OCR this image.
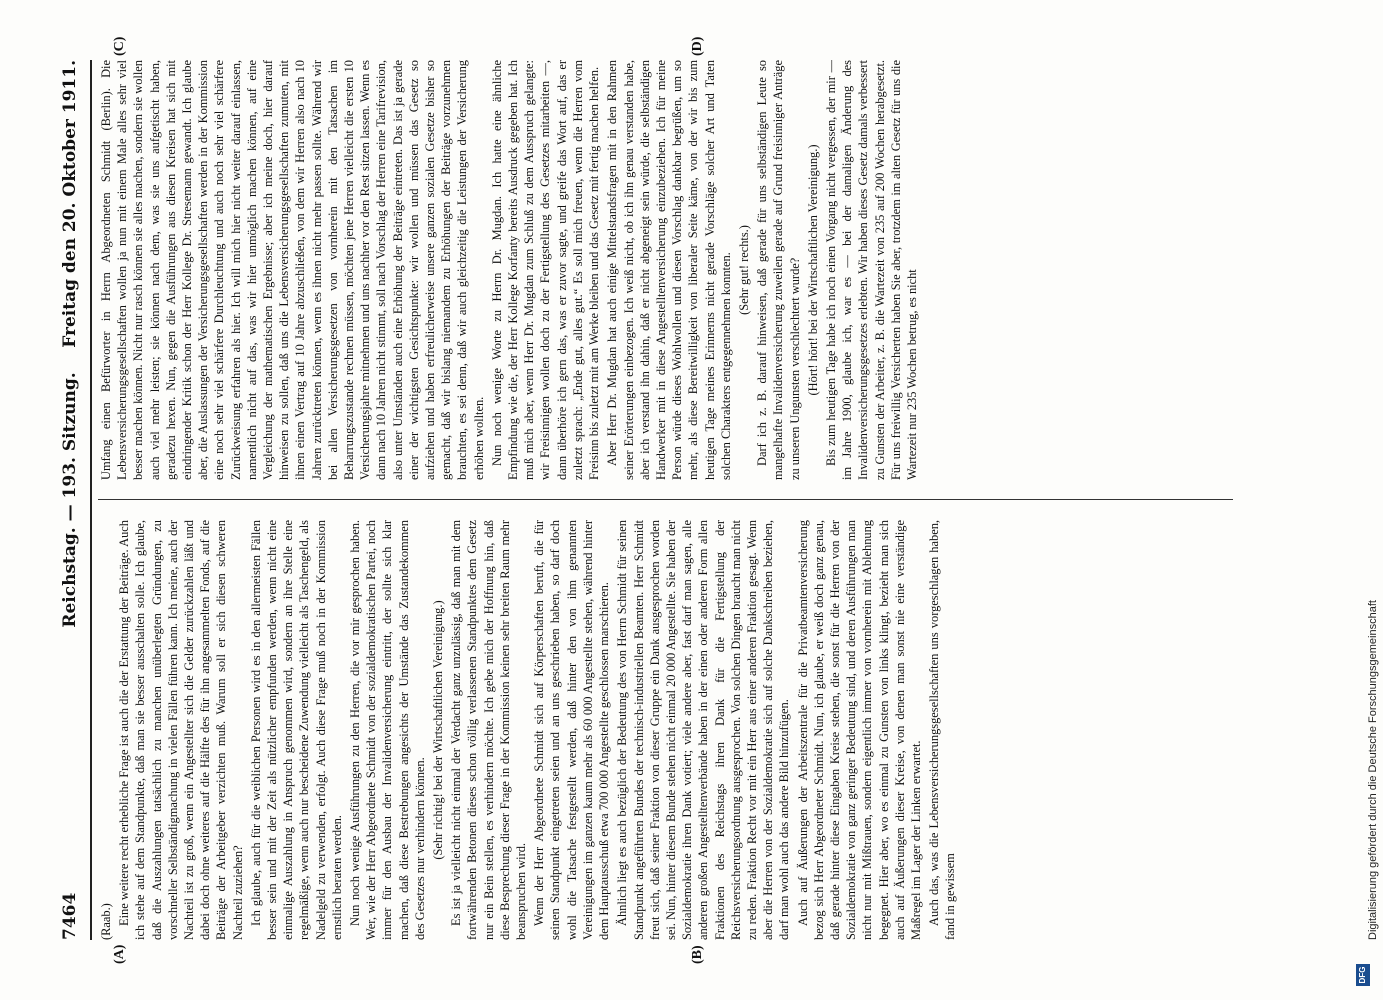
7464
Reichstag. — 193. Sitzung.
Freitag den 20. Oktober 1911.
(A)	(B)
(C)	(D)

(Raab.) Eine weitere recht erhebliche Frage ist auch die der Erstattung der Beiträge. Auch ich stehe auf dem Standpunkte, daß man sie besser ausschalten solle. Ich glaube, daß die Auszahlungen tatsächlich zu manchen unüberlegten Gründungen, zu vorschneller Selbständigmachung in vielen Fällen führen kann. Ich meine, auch der Nachteil ist zu groß, wenn ein Angestellter sich die Gelder zurückzahlen läßt und dabei doch ohne weiteres auf die Hälfte des für ihn angesammelten Fonds, auf die Beiträge der Arbeitgeber verzichten muß. Warum soll er sich diesen schweren Nachteil zuziehen? Ich glaube, auch für die weiblichen Personen wird es in den allermeisten Fällen besser sein und mit der Zeit als nützlicher empfunden werden, wenn nicht eine einmalige Auszahlung in Anspruch genommen wird, sondern an ihre Stelle eine regelmäßige, wenn auch nur bescheidene Zuwendung vielleicht als Taschengeld, als Nadelgeld zu verwenden, erfolgt. Auch diese Frage muß noch in der Kommission ernstlich beraten werden. Nun noch wenige Ausführungen zu den Herren, die vor mir gesprochen haben. Wer, wie der Herr Abgeordnete Schmidt von der sozialdemokratischen Partei, noch immer für den Ausbau der Invalidenversicherung eintritt, der sollte sich klar machen, daß diese Bestrebungen angesichts der Umstände das Zustandekommen des Gesetzes nur verhindern können. (Sehr richtig! bei der Wirtschaftlichen Vereinigung.) Es ist ja vielleicht nicht einmal der Verdacht ganz unzulässig, daß man mit dem fortwährenden Betonen dieses schon völlig verlassenen Standpunktes dem Gesetz nur ein Bein stellen, es verhindern möchte. Ich gebe mich der Hoffnung hin, daß diese Besprechung dieser Frage in der Kommission keinen sehr breiten Raum mehr beanspruchen wird. Wenn der Herr Abgeordnete Schmidt sich auf Körperschaften beruft, die für seinen Standpunkt eingetreten seien und an uns geschrieben haben, so darf doch wohl die Tatsache festgestellt werden, daß hinter den von ihm genannten Vereinigungen im ganzen kaum mehr als 60 000 Angestellte stehen, während hinter dem Hauptausschuß etwa 700 000 Angestellte geschlossen marschieren. Ähnlich liegt es auch bezüglich der Bedeutung des von Herrn Schmidt für seinen Standpunkt angeführten Bundes der technisch-industriellen Beamten. Herr Schmidt freut sich, daß seiner Fraktion von dieser Gruppe ein Dank ausgesprochen worden sei. Nun, hinter diesem Bunde stehen nicht einmal 20 000 Angestellte. Sie haben der Sozialdemokratie ihren Dank votiert; viele andere aber, fast darf man sagen, alle anderen großen Angestelltenverbände haben in der einen oder anderen Form allen Fraktionen des Reichstags ihren Dank für die Fertigstellung der Reichsversicherungsordnung ausgesprochen. Von solchen Dingen braucht man nicht zu reden. Fraktion Recht vor mit ein Herr aus einer anderen Fraktion gesagt. Wenn aber die Herren von der Sozialdemokratie sich auf solche Dankschreiben beziehen, darf man wohl auch das andere Bild hinzufügen. Auch auf Äußerungen der Arbeitszentrale für die Privatbeamtenversicherung bezog sich Herr Abgeordneter Schmidt. Nun, ich glaube, er weiß doch ganz genau, daß gerade hinter diese Eingaben Kreise stehen, die sonst für die Herren von der Sozialdemokratie von ganz geringer Bedeutung sind, und deren Ausführungen man nicht nur mit Mißtrauen, sondern eigentlich immer von vornherein mit Ablehnung begegnet. Hier aber, wo es einmal zu Gunsten von links klingt, bezieht man sich auch auf Äußerungen dieser Kreise, von denen man sonst nie eine verständige Maßregel im Lager der Linken erwartet. Auch das, was die Lebensversicherungsgesellschaften uns vorgeschlagen haben, fand in gewissem

Umfang einen Befürworter in Herrn Abgeordneten Schmidt (Berlin). Die Lebensversicherungsgesellschaften wollen ja nun mit einem Male alles sehr viel besser machen können. Nicht nur rasch können sie alles machen, sondern sie wollen auch viel mehr leisten; sie können nach dem, was sie uns aufgetischt haben, geradezu hexen. Nun, gegen die Ausführungen aus diesen Kreisen hat sich mit eindringender Kritik schon der Herr Kollege Dr. Stresemann gewandt. Ich glaube aber, die Auslassungen der Versicherungsgesellschaften werden in der Kommission eine noch sehr viel schärfere Durchleuchtung und auch noch sehr viel schärfere Zurückweisung erfahren als hier. Ich will mich hier nicht weiter darauf einlassen, namentlich nicht auf das, was wir hier unmöglich machen können, auf eine Vergleichung der mathematischen Ergebnisse; aber ich meine doch, hier darauf hinweisen zu sollen, daß uns die Lebensversicherungsgesellschaften zumuten, mit ihnen einen Vertrag auf 10 Jahre abzuschließen, von dem wir Herren also nach 10 Jahren zurücktreten können, wenn es ihnen nicht mehr passen sollte. Während wir bei allen Versicherungsgesetzen von vornherein mit den Tatsachen im Beharrungszustande rechnen müssen, möchten jene Herren vielleicht die ersten 10 Versicherungsjahre mitnehmen und uns nachher vor den Rest sitzen lassen. Wenn es dann nach 10 Jahren nicht stimmt, soll nach Vorschlag der Herren eine Tarifrevision, also unter Umständen auch eine Erhöhung der Beiträge eintreten. Das ist ja gerade einer der wichtigsten Gesichtspunkte: wir wollen und müssen das Gesetz so aufziehen und haben erfreulicherweise unsere ganzen sozialen Gesetze bisher so gemacht, daß wir bislang niemandem zu Erhöhungen der Beiträge vorzunehmen brauchten, es sei denn, daß wir auch gleichzeitig die Leistungen der Versicherung erhöhen wollten. Nun noch wenige Worte zu Herrn Dr. Mugdan. Ich hatte eine ähnliche Empfindung wie die, der Herr Kollege Korfanty bereits Ausdruck gegeben hat. Ich muß mich aber, wenn Herr Dr. Mugdan zum Schluß zu dem Ausspruch gelangte: wir Freisinnigen wollen doch zu der Fertigstellung des Gesetzes mitarbeiten —, dann überhöre ich gern das, was er zuvor sagte, und greife das Wort auf, das er zuletzt sprach: „Ende gut, alles gut.“ Es soll mich freuen, wenn die Herren vom Freisinn bis zuletzt mit am Werke bleiben und das Gesetz mit fertig machen helfen. Aber Herr Dr. Mugdan hat auch einige Mittelstandsfragen mit in den Rahmen seiner Erörterungen einbezogen. Ich weiß nicht, ob ich ihn genau verstanden habe, aber ich verstand ihn dahin, daß er nicht abgeneigt sein würde, die selbständigen Handwerker mit in diese Angestelltenversicherung einzubeziehen. Ich für meine Person würde dieses Wohlwollen und diesen Vorschlag dankbar begrüßen, um so mehr, als diese Bereitwilligkeit von liberaler Seite käme, von der wir bis zum heutigen Tage meines Erinnerns nicht gerade Vorschläge solcher Art und Taten solchen Charakters entgegennehmen konnten. (Sehr gut! rechts.) Darf ich z. B. darauf hinweisen, daß gerade für uns selbständigen Leute so mangelhafte Invalidenversicherung zuweilen gerade auf Grund freisinniger Anträge zu unseren Ungunsten verschlechtert wurde? (Hört! hört! bei der Wirtschaftlichen Vereinigung.) Bis zum heutigen Tage habe ich noch einen Vorgang nicht vergessen, der mir — im Jahre 1900, glaube ich, war es — bei der damaligen Änderung des Invalidenversicherungsgesetzes erlebten. Wir haben dieses Gesetz damals verbessert zu Gunsten der Arbeiter, z. B. die Wartezeit von 235 auf 200 Wochen herabgesetzt. Für uns freiwillig Versicherten haben Sie aber, trotzdem im alten Gesetz für uns die Wartezeit nur 235 Wochen betrug, es nicht

Digitalisierung gefördert durch die Deutsche Forschungsgemeinschaft
DFG
